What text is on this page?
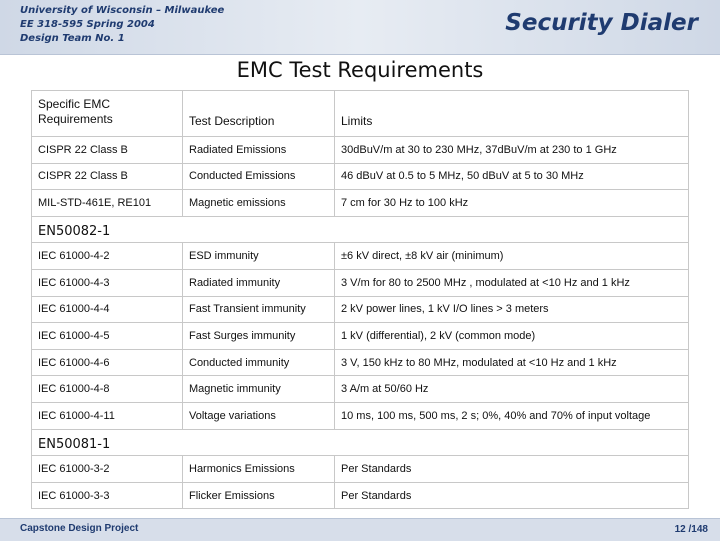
University of Wisconsin – Milwaukee
EE 318-595 Spring 2004
Design Team No. 1
Security Dialer
EMC Test Requirements
Specific EMC Requirements	Test Description	Limits
CISPR 22 Class B	Radiated Emissions	30dBuV/m at 30 to 230 MHz, 37dBuV/m at 230 to 1 GHz
CISPR 22 Class B	Conducted Emissions	46 dBuV at 0.5 to 5 MHz, 50 dBuV at 5 to 30 MHz
MIL-STD-461E, RE101	Magnetic emissions	7 cm for 30 Hz to 100 kHz
EN50082-1		
IEC 61000-4-2	ESD immunity	±6 kV direct, ±8 kV air (minimum)
IEC 61000-4-3	Radiated immunity	3 V/m for 80 to 2500 MHz , modulated at <10 Hz and 1 kHz
IEC 61000-4-4	Fast Transient immunity	2 kV power lines, 1 kV I/O lines > 3 meters
IEC 61000-4-5	Fast Surges immunity	1 kV (differential), 2 kV (common mode)
IEC 61000-4-6	Conducted immunity	3 V, 150 kHz to 80 MHz, modulated at <10 Hz and 1 kHz
IEC 61000-4-8	Magnetic immunity	3 A/m at 50/60 Hz
IEC 61000-4-11	Voltage variations	10 ms, 100 ms, 500 ms, 2 s; 0%, 40% and 70% of input voltage
EN50081-1		
IEC 61000-3-2	Harmonics Emissions	Per Standards
IEC 61000-3-3	Flicker Emissions	Per Standards
Capstone Design Project	12 /148
